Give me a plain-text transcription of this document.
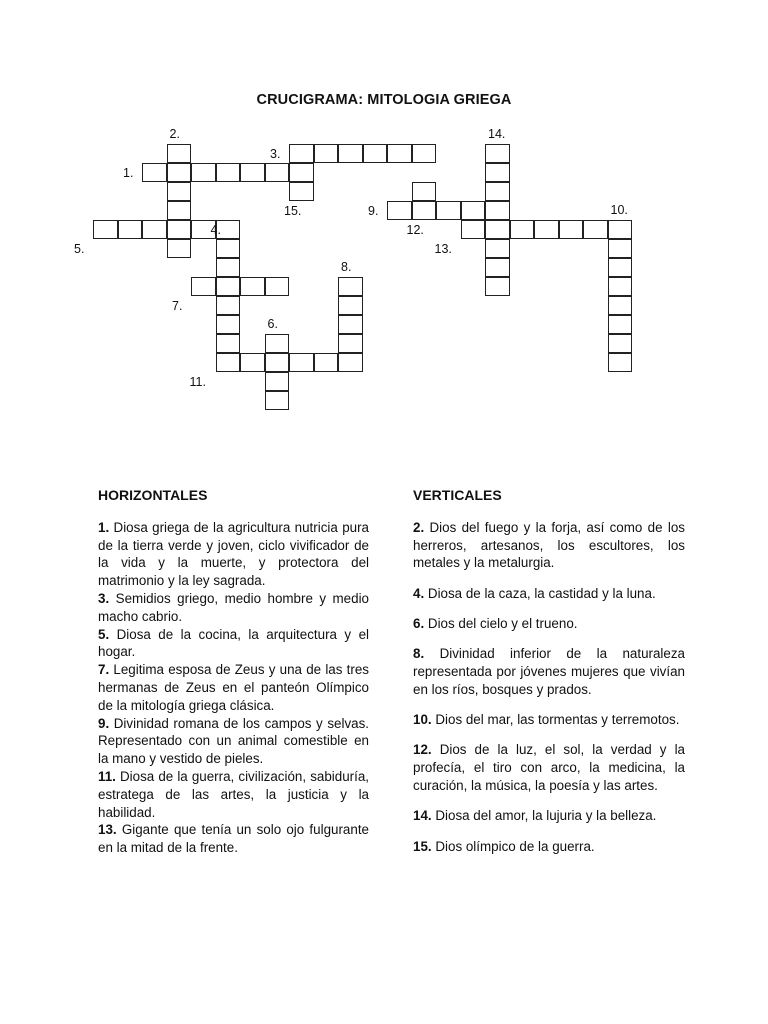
CRUCIGRAMA: MITOLOGIA GRIEGA
2.
3.
14.
1.
15.	9.
4.	12.
10.
5.	13.
8.
7.
6.
11.
HORIZONTALES
1. Diosa griega de la agricultura nutricia pura de la tierra verde y joven, ciclo vivificador de la vida y la muerte, y protectora del matrimonio y la ley sagrada.
3. Semidios griego, medio hombre y medio macho cabrio.
5. Diosa de la cocina, la arquitectura y el hogar.
7. Legitima esposa de Zeus y una de las tres hermanas de Zeus en el panteón Olímpico de la mitología griega clásica.
9. Divinidad romana de los campos y selvas. Representado con un animal comestible en la mano y vestido de pieles.
11. Diosa de la guerra, civilización, sabiduría, estratega de las artes, la justicia y la habilidad.
13. Gigante que tenía un solo ojo fulgurante en la mitad de la frente.
VERTICALES
2. Dios del fuego y la forja, así como de los herreros, artesanos, los escultores, los metales y la metalurgia.
4. Diosa de la caza, la castidad y la luna.
6. Dios del cielo y el trueno.
8. Divinidad inferior de la naturaleza representada por jóvenes mujeres que vivían en los ríos, bosques y prados.
10. Dios del mar, las tormentas y terremotos.
12. Dios de la luz, el sol, la verdad y la profecía, el tiro con arco, la medicina, la curación, la música, la poesía y las artes.
14. Diosa del amor, la lujuria y la belleza.
15. Dios olímpico de la guerra.
